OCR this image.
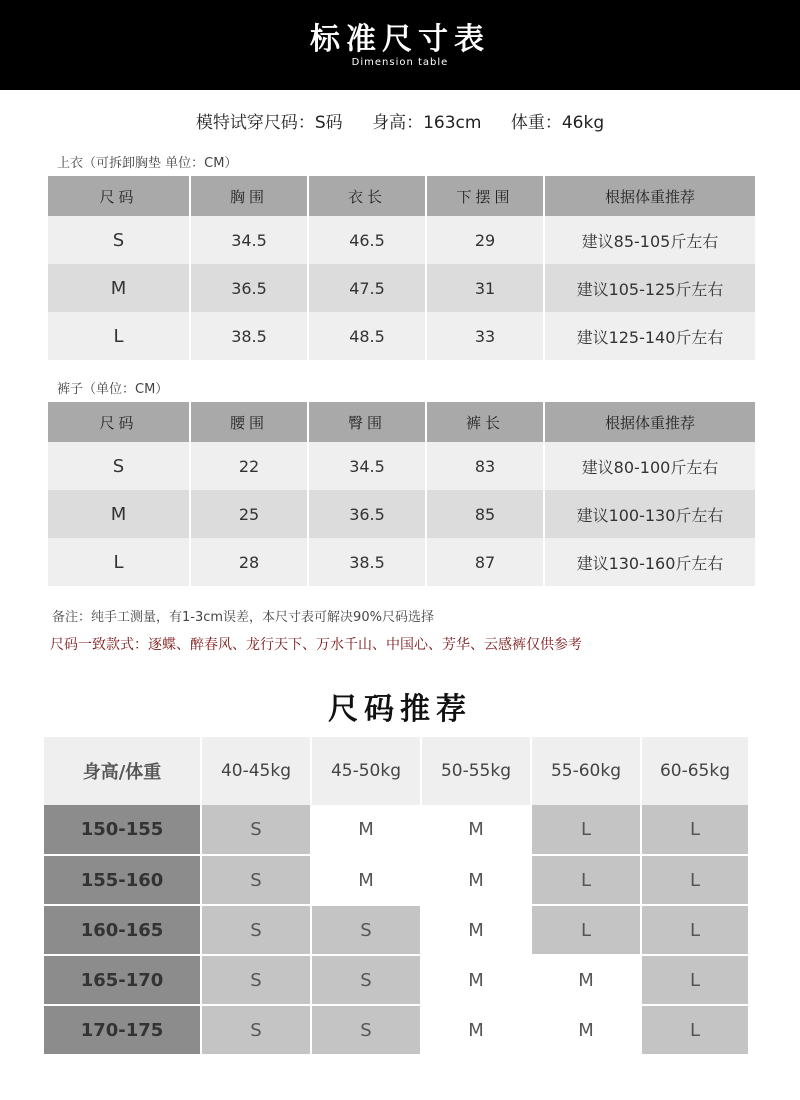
标准尺寸表
Dimension table
模特试穿尺码：S码 身高：163cm 体重：46kg
上衣（可拆卸胸垫 单位：CM）
尺码	胸围	衣长	下摆围	根据体重推荐
S	34.5	46.5	29	建议85-105斤左右
M	36.5	47.5	31	建议105-125斤左右
L	38.5	48.5	33	建议125-140斤左右
裤子（单位：CM）
尺码	腰围	臀围	裤长	根据体重推荐
S	22	34.5	83	建议80-100斤左右
M	25	36.5	85	建议100-130斤左右
L	28	38.5	87	建议130-160斤左右
备注：纯手工测量，有1-3cm误差，本尺寸表可解决90%尺码选择
尺码一致款式：逐蝶、醉春风、龙行天下、万水千山、中国心、芳华、云感裤仅供参考
尺码推荐
身高/体重	40-45kg	45-50kg	50-55kg	55-60kg	60-65kg
150-155	S	M	M	L	L
155-160	S	M	M	L	L
160-165	S	S	M	L	L
165-170	S	S	M	M	L
170-175	S	S	M	M	L
